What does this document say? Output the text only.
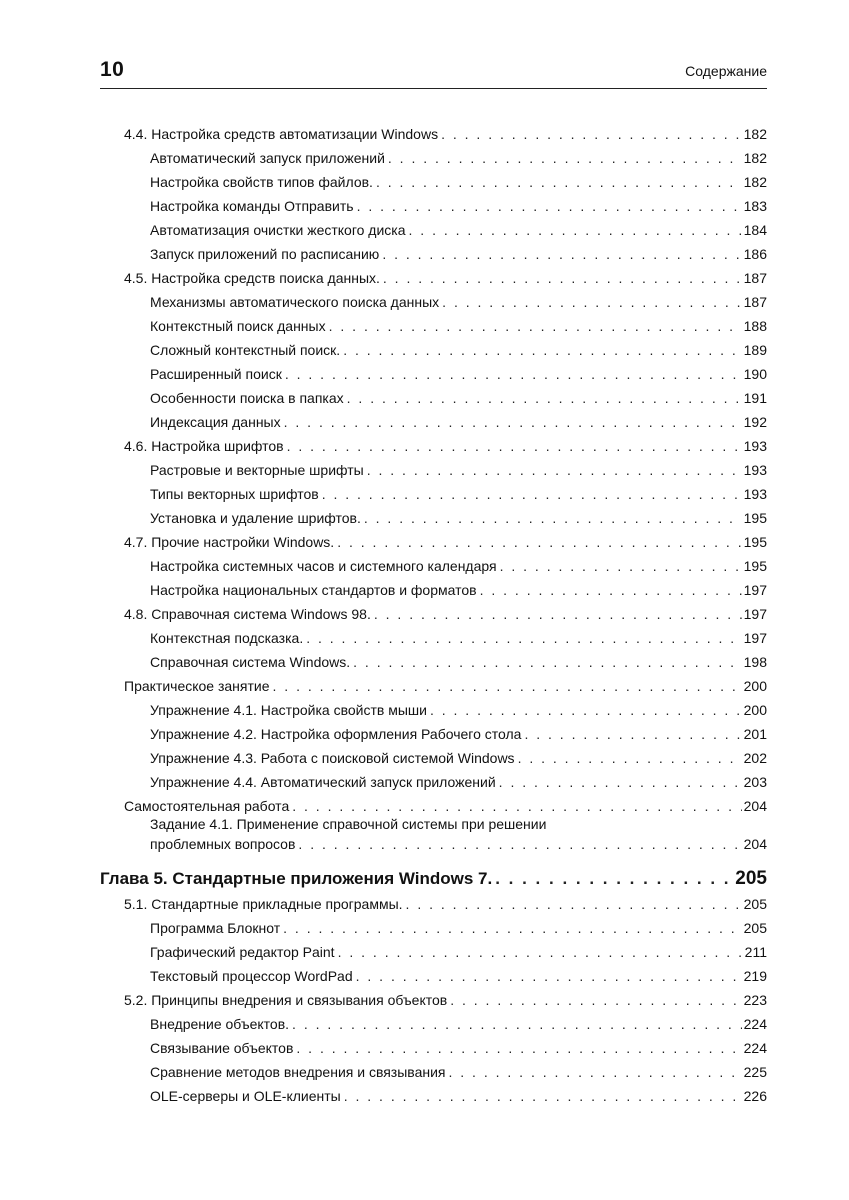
10	Содержание
4.4. Настройка средств автоматизации Windows . . .	182
Автоматический запуск приложений . . .	182
Настройка свойств типов файлов. . . .	182
Настройка команды Отправить . . .	183
Автоматизация очистки жесткого диска . . .	184
Запуск приложений по расписанию . . .	186
4.5. Настройка средств поиска данных. . . .	187
Механизмы автоматического поиска данных . . .	187
Контекстный поиск данных . . .	188
Сложный контекстный поиск. . . .	189
Расширенный поиск . . .	190
Особенности поиска в папках . . .	191
Индексация данных . . .	192
4.6. Настройка шрифтов . . .	193
Растровые и векторные шрифты . . .	193
Типы векторных шрифтов . . .	193
Установка и удаление шрифтов. . . .	195
4.7. Прочие настройки Windows. . . .	195
Настройка системных часов и системного календаря . . .	195
Настройка национальных стандартов и форматов . . .	197
4.8. Справочная система Windows 98. . . .	197
Контекстная подсказка. . . .	197
Справочная система Windows. . . .	198
Практическое занятие . . .	200
Упражнение 4.1. Настройка свойств мыши . . .	200
Упражнение 4.2. Настройка оформления Рабочего стола . . .	201
Упражнение 4.3. Работа с поисковой системой Windows . . .	202
Упражнение 4.4. Автоматический запуск приложений . . .	203
Самостоятельная работа . . .	204
Задание 4.1. Применение справочной системы при решении
проблемных вопросов . . .	204
Глава 5. Стандартные приложения Windows 7. . . .	205
5.1. Стандартные прикладные программы. . . .	205
Программа Блокнот . . .	205
Графический редактор Paint . . .	211
Текстовый процессор WordPad . . .	219
5.2. Принципы внедрения и связывания объектов . . .	223
Внедрение объектов. . . .	224
Связывание объектов . . .	224
Сравнение методов внедрения и связывания . . .	225
OLE-серверы и OLE-клиенты . . .	226
